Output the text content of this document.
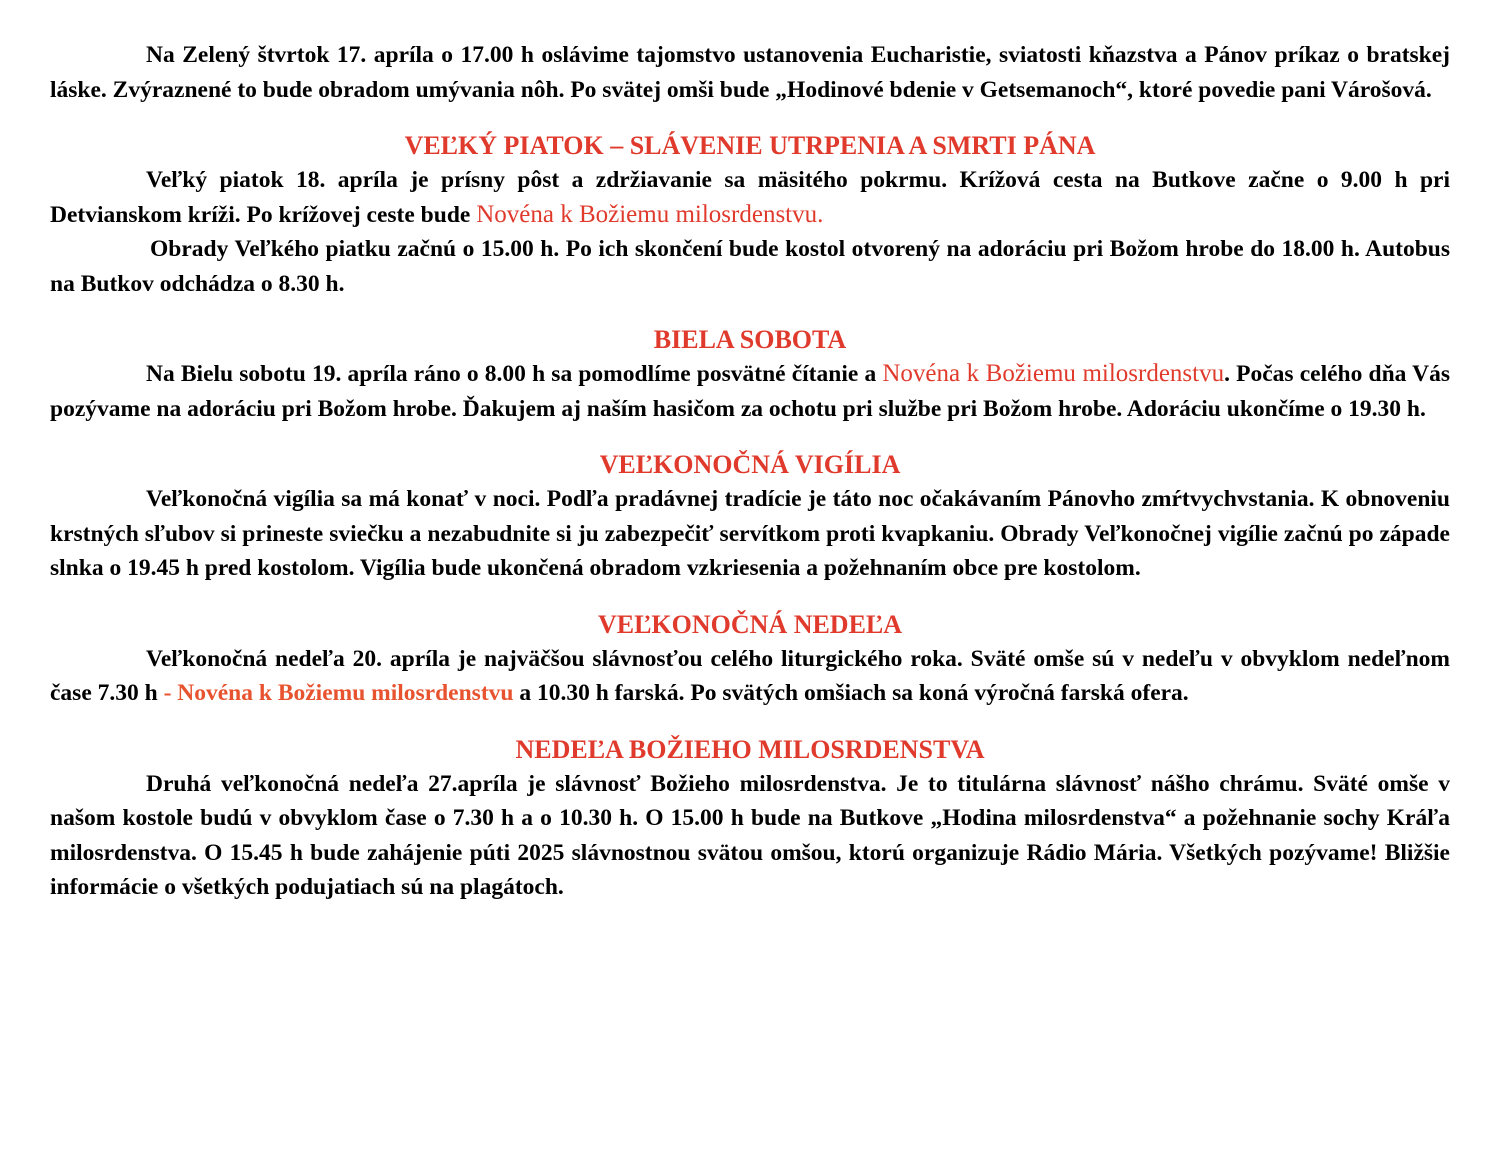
Na Zelený štvrtok 17. apríla o 17.00 h oslávime tajomstvo ustanovenia Eucharistie, sviatosti kňazstva a Pánov príkaz o bratskej láske. Zvýraznené to bude obradom umývania nôh. Po svätej omši bude „Hodinové bdenie v Getsemanoch“, ktoré povedie pani Várošová.

VEĽKÝ PIATOK – SLÁVENIE UTRPENIA A SMRTI PÁNA

Veľký piatok 18. apríla je prísny pôst a zdržiavanie sa mäsitého pokrmu. Krížová cesta na Butkove začne o 9.00 h pri Detvianskom kríži. Po krížovej ceste bude Novéna k Božiemu milosrdenstvu.

Obrady Veľkého piatku začnú o 15.00 h. Po ich skončení bude kostol otvorený na adoráciu pri Božom hrobe do 18.00 h. Autobus na Butkov odchádza o 8.30 h.

BIELA SOBOTA

Na Bielu sobotu 19. apríla ráno o 8.00 h sa pomodlíme posvätné čítanie a Novéna k Božiemu milosrdenstvu. Počas celého dňa Vás pozývame na adoráciu pri Božom hrobe. Ďakujem aj naším hasičom za ochotu pri službe pri Božom hrobe. Adoráciu ukončíme o 19.30 h.

VEĽKONOČNÁ VIGÍLIA

Veľkonočná vigília sa má konať v noci. Podľa pradávnej tradície je táto noc očakávaním Pánovho zmŕtvychvstania. K obnoveniu krstných sľubov si prineste sviečku a nezabudnite si ju zabezpečiť servítkom proti kvapkaniu. Obrady Veľkonočnej vigílie začnú po západe slnka o 19.45 h pred kostolom. Vigília bude ukončená obradom vzkriesenia a požehnaním obce pre kostolom.

VEĽKONOČNÁ NEDEĽA

Veľkonočná nedeľa 20. apríla je najväčšou slávnosťou celého liturgického roka. Sväté omše sú v nedeľu v obvyklom nedeľnom čase 7.30 h - Novéna k Božiemu milosrdenstvu a 10.30 h farská. Po svätých omšiach sa koná výročná farská ofera.

NEDEĽA BOŽIEHO MILOSRDENSTVA

Druhá veľkonočná nedeľa 27.apríla je slávnosť Božieho milosrdenstva. Je to titulárna slávnosť nášho chrámu. Sväté omše v našom kostole budú v obvyklom čase o 7.30 h a o 10.30 h. O 15.00 h bude na Butkove „Hodina milosrdenstva“ a požehnanie sochy Kráľa milosrdenstva. O 15.45 h bude zahájenie púti 2025 slávnostnou svätou omšou, ktorú organizuje Rádio Mária. Všetkých pozývame! Bližšie informácie o všetkých podujatiach sú na plagátoch.
